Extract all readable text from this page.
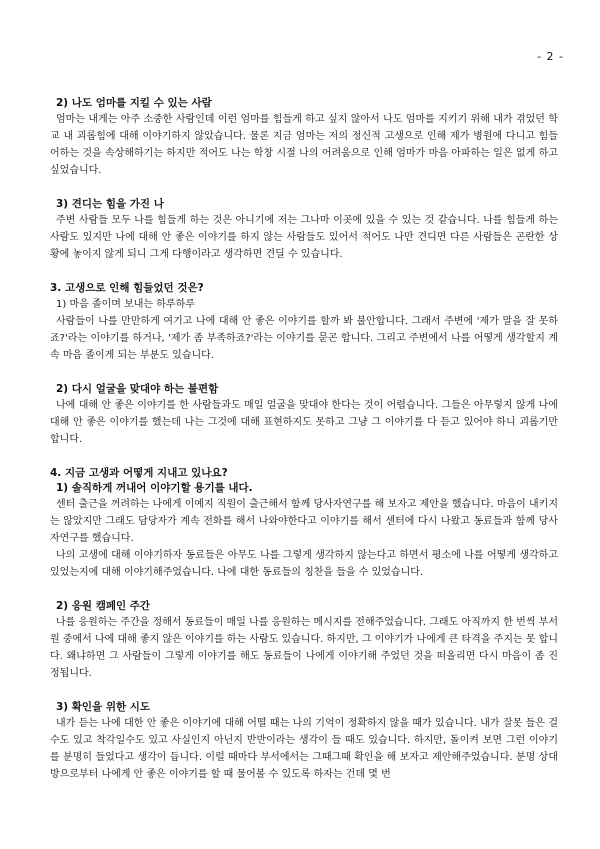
- 2 -

2) 나도 엄마를 지킬 수 있는 사람

엄마는 내게는 아주 소중한 사람인데 이런 엄마를 힘들게 하고 싶지 않아서 나도 엄마를 지키기 위해 내가 겪었던 학교 내 괴롭힘에 대해 이야기하지 않았습니다. 물론 지금 엄마는 저의 정신적 고생으로 인해 제가 병원에 다니고 힘들어하는 것을 속상해하기는 하지만 적어도 나는 학창 시절 나의 어려움으로 인해 엄마가 마음 아파하는 일은 없게 하고 싶었습니다.

3) 견디는 힘을 가진 나

주변 사람들 모두 나를 힘들게 하는 것은 아니기에 저는 그나마 이곳에 있을 수 있는 것 같습니다. 나를 힘들게 하는 사람도 있지만 나에 대해 안 좋은 이야기를 하지 않는 사람들도 있어서 적어도 나만 견디면 다른 사람들은 곤란한 상황에 놓이지 않게 되니 그게 다행이라고 생각하면 견딜 수 있습니다.

3. 고생으로 인해 힘들었던 것은?

1) 마음 졸이며 보내는 하루하루

사람들이 나를 만만하게 여기고 나에 대해 안 좋은 이야기를 할까 봐 불안합니다. 그래서 주변에 '제가 말을 잘 못하죠?'라는 이야기를 하거나, '제가 좀 부족하죠?'라는 이야기를 묻곤 합니다. 그리고 주변에서 나를 어떻게 생각할지 계속 마음 졸이게 되는 부분도 있습니다.

2) 다시 얼굴을 맞대야 하는 불편함

나에 대해 안 좋은 이야기를 한 사람들과도 매일 얼굴을 맞대야 한다는 것이 어렵습니다. 그들은 아무렇지 않게 나에 대해 안 좋은 이야기를 했는데 나는 그것에 대해 표현하지도 못하고 그냥 그 이야기를 다 듣고 있어야 하니 괴롭기만 합니다.

4. 지금 고생과 어떻게 지내고 있나요?

1) 솔직하게 꺼내어 이야기할 용기를 내다.

센터 출근을 꺼려하는 나에게 이예지 직원이 출근해서 함께 당사자연구를 해 보자고 제안을 했습니다. 마음이 내키지는 않았지만 그래도 담당자가 계속 전화를 해서 나와야한다고 이야기를 해서 센터에 다시 나왔고 동료들과 함께 당사자연구를 했습니다.

나의 고생에 대해 이야기하자 동료들은 아무도 나를 그렇게 생각하지 않는다고 하면서 평소에 나를 어떻게 생각하고 있었는지에 대해 이야기해주었습니다. 나에 대한 동료들의 칭찬을 들을 수 있었습니다.

2) 응원 캠페인 주간

나를 응원하는 주간을 정해서 동료들이 매일 나를 응원하는 메시지를 전해주었습니다. 그래도 아직까지 한 번씩 부서원 중에서 나에 대해 좋지 않은 이야기를 하는 사람도 있습니다. 하지만, 그 이야기가 나에게 큰 타격을 주지는 못 합니다. 왜냐하면 그 사람들이 그렇게 이야기를 해도 동료들이 나에게 이야기해 주었던 것을 떠올리면 다시 마음이 좀 진정됩니다.

3) 확인을 위한 시도

내가 듣는 나에 대한 안 좋은 이야기에 대해 어떨 때는 나의 기억이 정확하지 않을 때가 있습니다. 내가 잘못 들은 걸 수도 있고 착각일수도 있고 사실인지 아닌지 반반이라는 생각이 들 때도 있습니다. 하지만, 돌이켜 보면 그런 이야기를 분명히 들었다고 생각이 듭니다. 이럴 때마다 부서에서는 그때그때 확인을 해 보자고 제안해주었습니다. 분명 상대방으로부터 나에게 안 좋은 이야기를 할 때 물어볼 수 있도록 하자는 건데 몇 번
